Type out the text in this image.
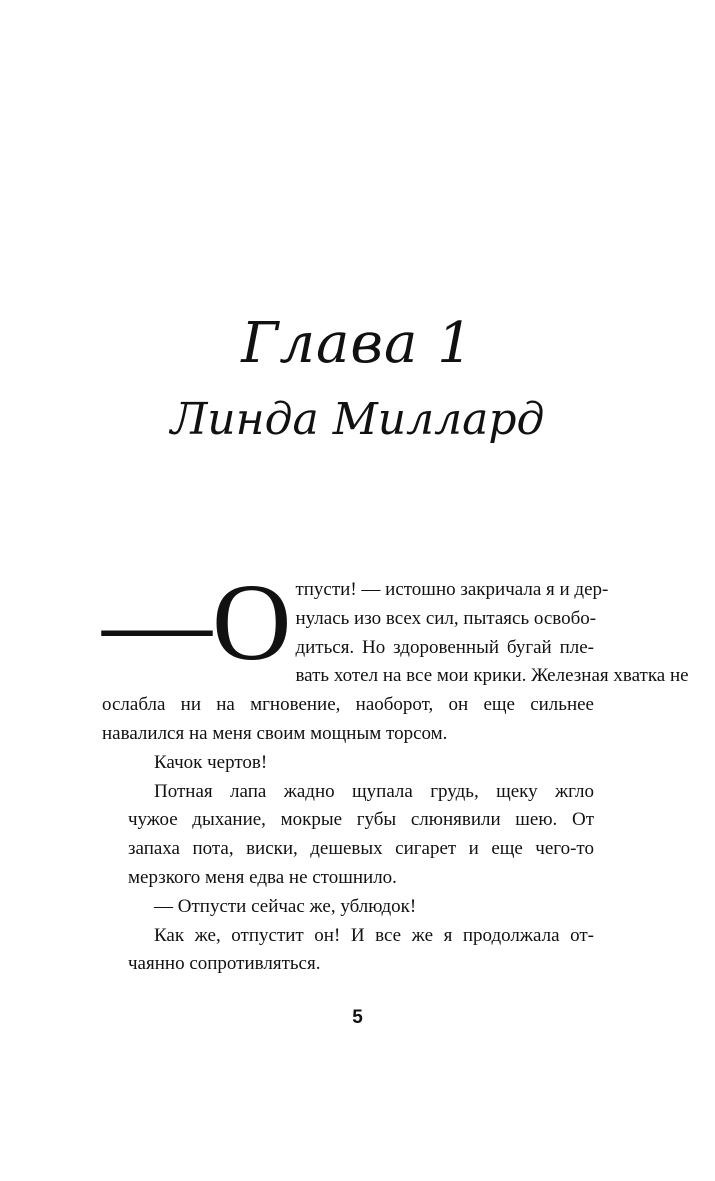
Глава 1
Линда Миллард

—О тпусти! — истошно закричала я и дер-
нулась изо всех сил, пытаясь освобо-
диться. Но здоровенный бугай пле-
вать хотел на все мои крики. Железная хватка не
ослабла ни на мгновение, наоборот, он еще сильнее
навалился на меня своим мощным торсом.

Качок чертов!

Потная лапа жадно щупала грудь, щеку жгло
чужое дыхание, мокрые губы слюнявили шею. От
запаха пота, виски, дешевых сигарет и еще чего-то
мерзкого меня едва не стошнило.

— Отпусти сейчас же, ублюдок!

Как же, отпустит он! И все же я продолжала от-
чаянно сопротивляться.

5
